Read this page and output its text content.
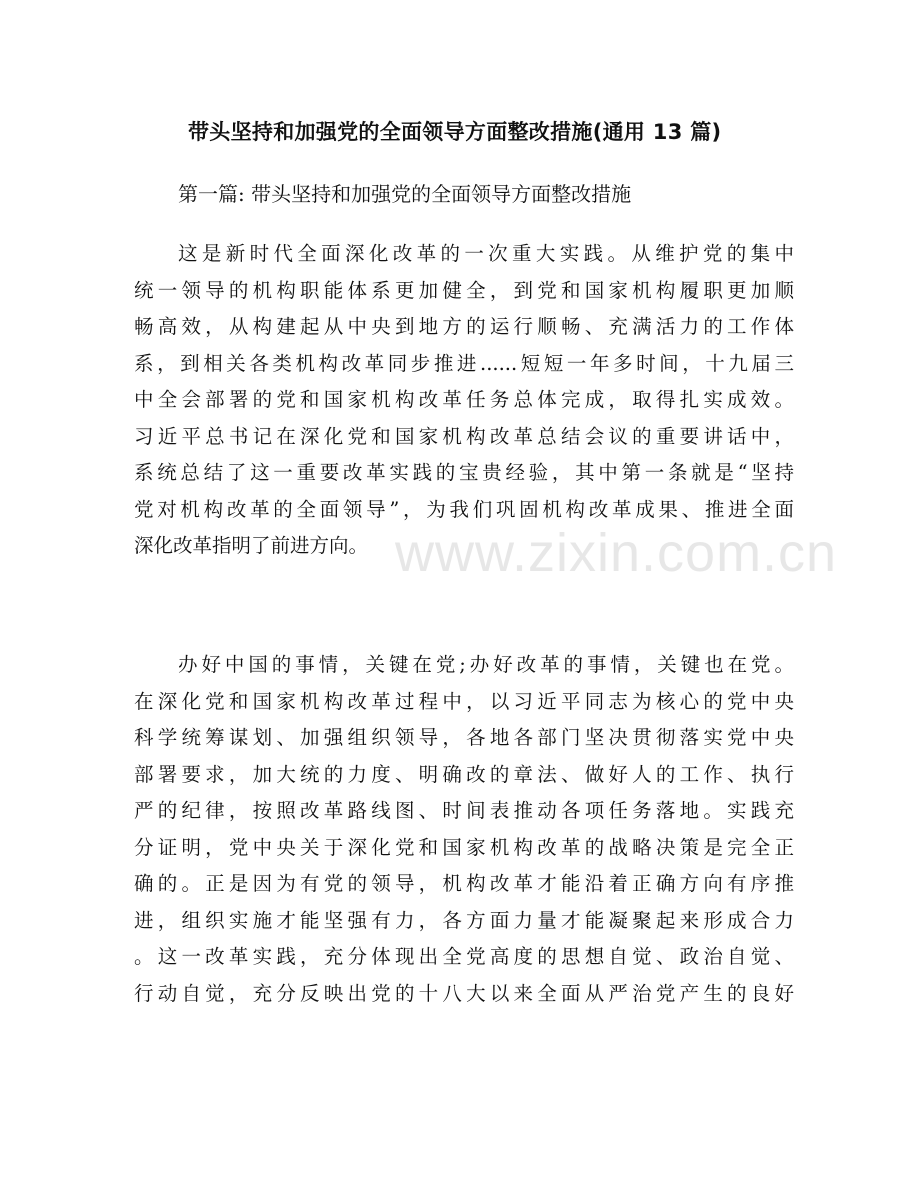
带头坚持和加强党的全面领导方面整改措施(通用 13 篇)
第一篇: 带头坚持和加强党的全面领导方面整改措施
这是新时代全面深化改革的一次重大实践。从维护党的集中
统一领导的机构职能体系更加健全，到党和国家机构履职更加顺
畅高效，从构建起从中央到地方的运行顺畅、充满活力的工作体
系，到相关各类机构改革同步推进......短短一年多时间，十九届三
中全会部署的党和国家机构改革任务总体完成，取得扎实成效。
习近平总书记在深化党和国家机构改革总结会议的重要讲话中，
系统总结了这一重要改革实践的宝贵经验，其中第一条就是“坚持
党对机构改革的全面领导”，为我们巩固机构改革成果、推进全面
深化改革指明了前进方向。
办好中国的事情，关键在党;办好改革的事情，关键也在党。
在深化党和国家机构改革过程中，以习近平同志为核心的党中央
科学统筹谋划、加强组织领导，各地各部门坚决贯彻落实党中央
部署要求，加大统的力度、明确改的章法、做好人的工作、执行
严的纪律，按照改革路线图、时间表推动各项任务落地。实践充
分证明，党中央关于深化党和国家机构改革的战略决策是完全正
确的。正是因为有党的领导，机构改革才能沿着正确方向有序推
进，组织实施才能坚强有力，各方面力量才能凝聚起来形成合力
。这一改革实践，充分体现出全党高度的思想自觉、政治自觉、
行动自觉，充分反映出党的十八大以来全面从严治党产生的良好
www.zixin.com.cn
